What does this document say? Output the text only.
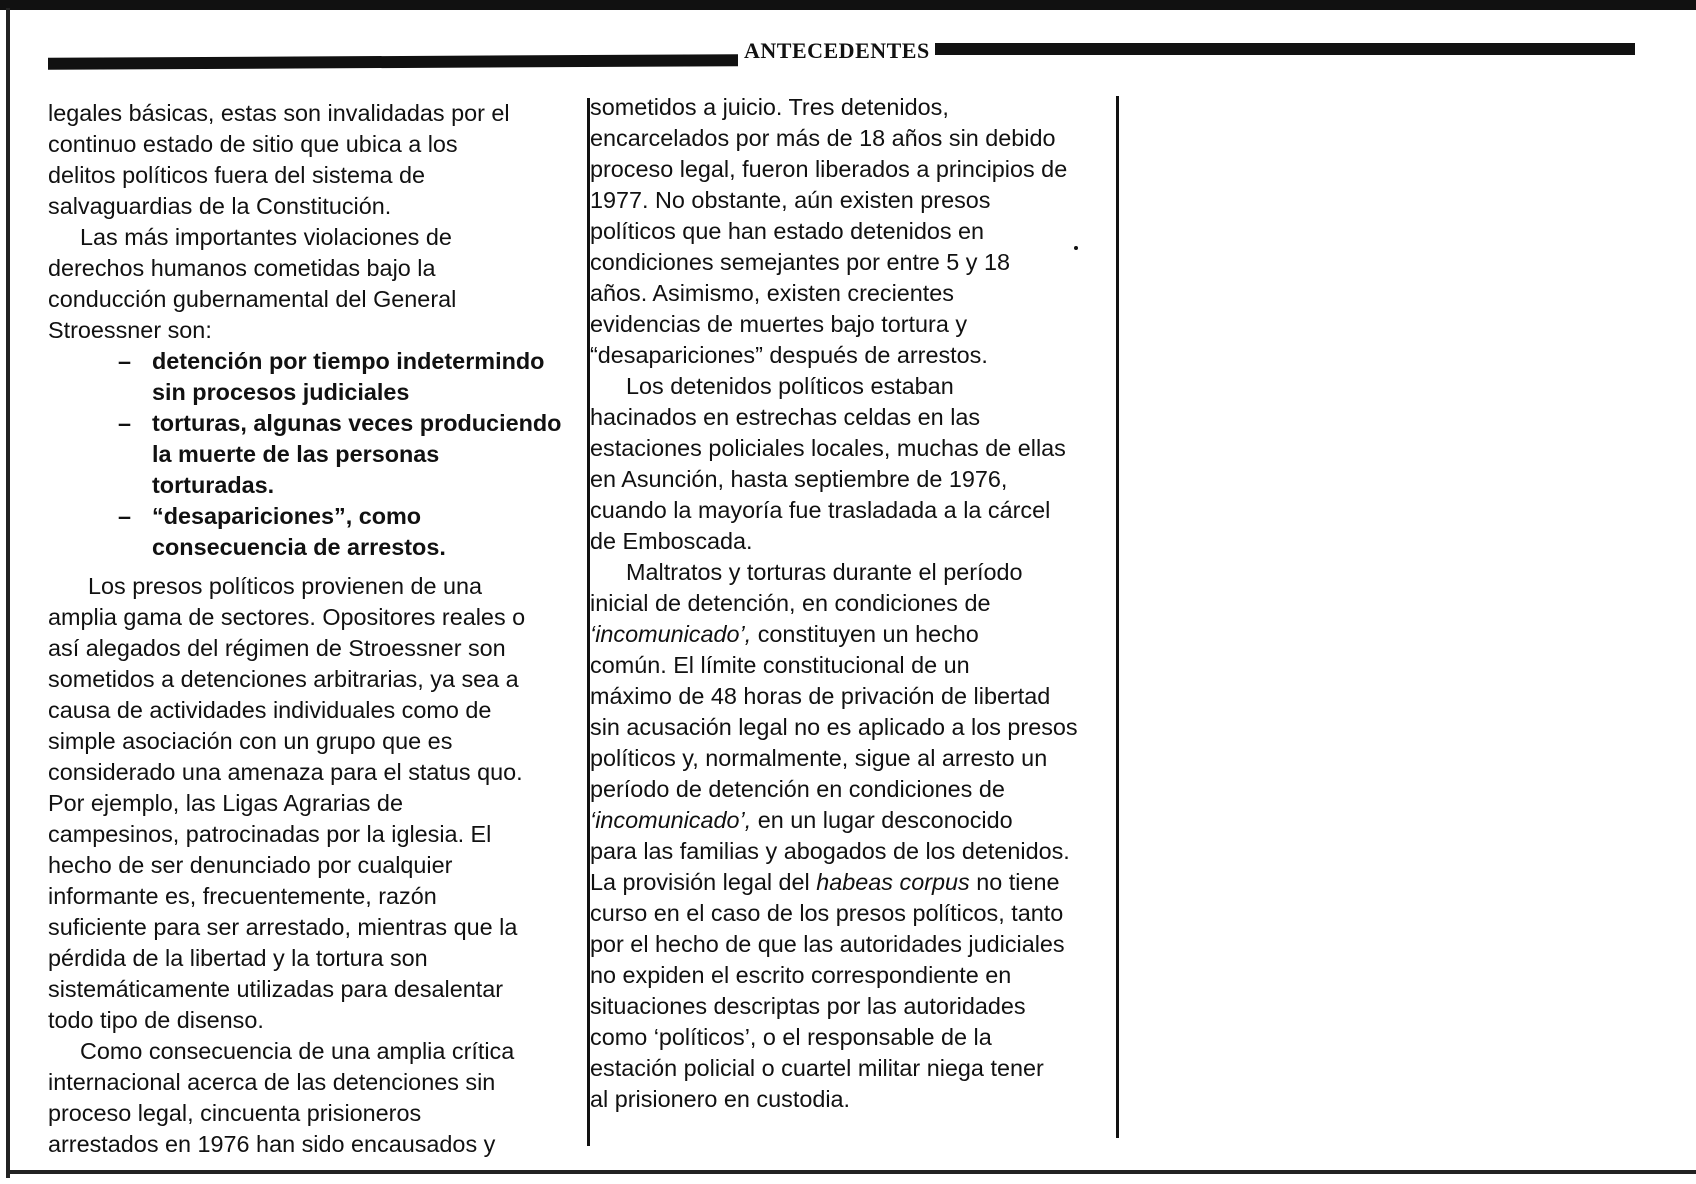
ANTECEDENTES

legales básicas, estas son invalidadas por el
continuo estado de sitio que ubica a los
delitos políticos fuera del sistema de
salvaguardias de la Constitución.

Las más importantes violaciones de
derechos humanos cometidas bajo la
conducción gubernamental del General
Stroessner son:

– detención por tiempo indetermindo
sin procesos judiciales
– torturas, algunas veces produciendo
la muerte de las personas
torturadas.
– “desapariciones”, como
consecuencia de arrestos.

Los presos políticos provienen de una
amplia gama de sectores. Opositores reales o
así alegados del régimen de Stroessner son
sometidos a detenciones arbitrarias, ya sea a
causa de actividades individuales como de
simple asociación con un grupo que es
considerado una amenaza para el status quo.
Por ejemplo, las Ligas Agrarias de
campesinos, patrocinadas por la iglesia. El
hecho de ser denunciado por cualquier
informante es, frecuentemente, razón
suficiente para ser arrestado, mientras que la
pérdida de la libertad y la tortura son
sistemáticamente utilizadas para desalentar
todo tipo de disenso.

Como consecuencia de una amplia crítica
internacional acerca de las detenciones sin
proceso legal, cincuenta prisioneros
arrestados en 1976 han sido encausados y

sometidos a juicio. Tres detenidos,
encarcelados por más de 18 años sin debido
proceso legal, fueron liberados a principios de
1977. No obstante, aún existen presos
políticos que han estado detenidos en
condiciones semejantes por entre 5 y 18
años. Asimismo, existen crecientes
evidencias de muertes bajo tortura y
“desapariciones” después de arrestos.

Los detenidos políticos estaban
hacinados en estrechas celdas en las
estaciones policiales locales, muchas de ellas
en Asunción, hasta septiembre de 1976,
cuando la mayoría fue trasladada a la cárcel
de Emboscada.

Maltratos y torturas durante el período
inicial de detención, en condiciones de
‘incomunicado’, constituyen un hecho
común. El límite constitucional de un
máximo de 48 horas de privación de libertad
sin acusación legal no es aplicado a los presos
políticos y, normalmente, sigue al arresto un
período de detención en condiciones de
‘incomunicado’, en un lugar desconocido
para las familias y abogados de los detenidos.
La provisión legal del habeas corpus no tiene
curso en el caso de los presos políticos, tanto
por el hecho de que las autoridades judiciales
no expiden el escrito correspondiente en
situaciones descriptas por las autoridades
como ‘políticos’, o el responsable de la
estación policial o cuartel militar niega tener
al prisionero en custodia.
